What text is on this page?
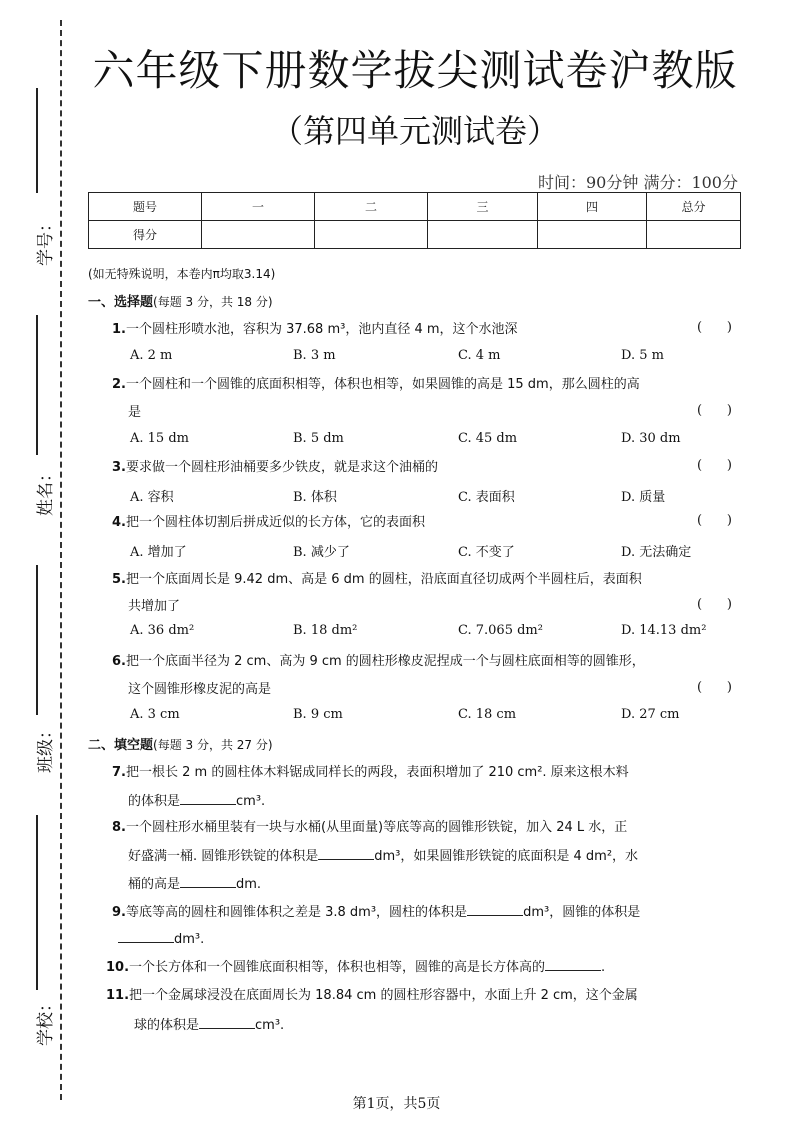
学号：
姓名：
班级：
学校：
六年级下册数学拔尖测试卷沪教版
（第四单元测试卷）
时间：90分钟 满分：100分
题号	一	二	三	四	总分
得分					
(如无特殊说明，本卷内π均取3.14)
一、选择题(每题 3 分，共 18 分)
1.一个圆柱形喷水池，容积为 37.68 m³，池内直径 4 m，这个水池深	(      )
A. 2 m	B. 3 m	C. 4 m	D. 5 m
2.一个圆柱和一个圆锥的底面积相等，体积也相等，如果圆锥的高是 15 dm，那么圆柱的高
是	(      )
A. 15 dm	B. 5 dm	C. 45 dm	D. 30 dm
3.要求做一个圆柱形油桶要多少铁皮，就是求这个油桶的	(      )
A. 容积	B. 体积	C. 表面积	D. 质量
4.把一个圆柱体切割后拼成近似的长方体，它的表面积	(      )
A. 增加了	B. 减少了	C. 不变了	D. 无法确定
5.把一个底面周长是 9.42 dm、高是 6 dm 的圆柱，沿底面直径切成两个半圆柱后，表面积
共增加了	(      )
A. 36 dm²	B. 18 dm²	C. 7.065 dm²	D. 14.13 dm²
6.把一个底面半径为 2 cm、高为 9 cm 的圆柱形橡皮泥捏成一个与圆柱底面相等的圆锥形，
这个圆锥形橡皮泥的高是	(      )
A. 3 cm	B. 9 cm	C. 18 cm	D. 27 cm
二、填空题(每题 3 分，共 27 分)
7.把一根长 2 m 的圆柱体木料锯成同样长的两段，表面积增加了 210 cm². 原来这根木料
的体积是	cm³.
8.一个圆柱形水桶里装有一块与水桶(从里面量)等底等高的圆锥形铁锭，加入 24 L 水，正
好盛满一桶. 圆锥形铁锭的体积是	dm³，如果圆锥形铁锭的底面积是 4 dm²，水
桶的高是	dm.
9.等底等高的圆柱和圆锥体积之差是 3.8 dm³，圆柱的体积是	dm³，圆锥的体积是
dm³.
10.一个长方体和一个圆锥底面积相等，体积也相等，圆锥的高是长方体高的	.
11.把一个金属球浸没在底面周长为 18.84 cm 的圆柱形容器中，水面上升 2 cm，这个金属
球的体积是	cm³.
第1页，共5页
